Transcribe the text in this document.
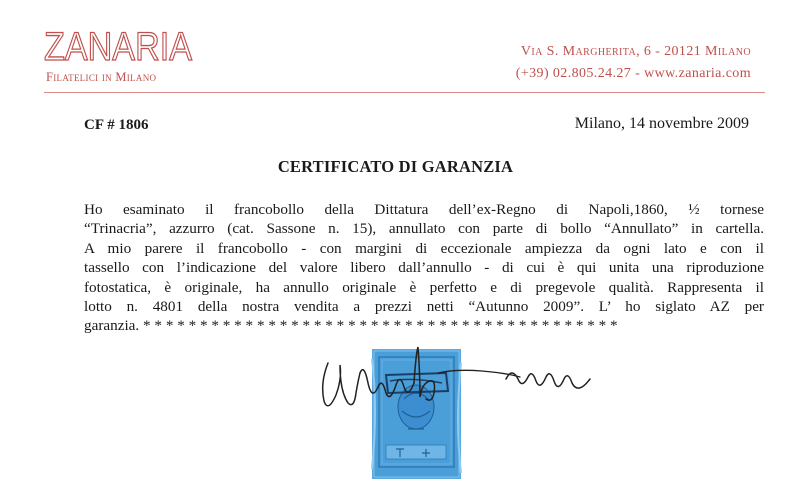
ZANARIA
Filatelici in Milano
Via S. Margherita, 6 - 20121 Milano
(+39) 02.805.24.27 - www.zanaria.com
CF # 1806	Milano, 14 novembre 2009
CERTIFICATO DI GARANZIA
Ho esaminato il francobollo della Dittatura dell’ex-Regno di Napoli,1860, ½ tornese
“Trinacria”, azzurro (cat. Sassone n. 15), annullato con parte di bollo “Annullato” in cartella.
A mio parere il francobollo - con margini di eccezionale ampiezza da ogni lato e con il
tassello con l’indicazione del valore libero dall’annullo - di cui è qui unita una riproduzione
fotostatica, è originale, ha annullo originale è perfetto e di pregevole qualità. Rappresenta il
lotto n. 4801 della nostra vendita a prezzi netti “Autunno 2009”. L’ ho siglato AZ per
garanzia. * * * * * * * * * * * * * * * * * * * * * * * * * * * * * * * * * * * * * * * * * *
